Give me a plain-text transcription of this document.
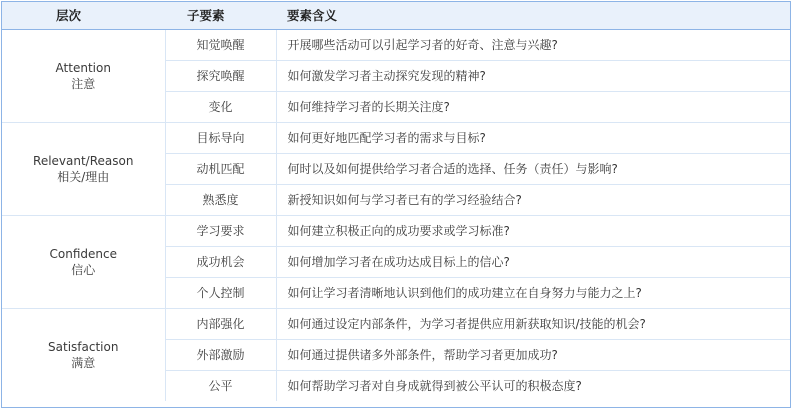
层次	子要素	要素含义

Attention
注意	知觉唤醒	开展哪些活动可以引起学习者的好奇、注意与兴趣?
	探究唤醒	如何激发学习者主动探究发现的精神?
	变化	如何维持学习者的长期关注度?

Relevant/Reason
相关/理由	目标导向	如何更好地匹配学习者的需求与目标?
	动机匹配	何时以及如何提供给学习者合适的选择、任务（责任）与影响?
	熟悉度	新授知识如何与学习者已有的学习经验结合?

Confidence
信心	学习要求	如何建立积极正向的成功要求或学习标准?
	成功机会	如何增加学习者在成功达成目标上的信心?
	个人控制	如何让学习者清晰地认识到他们的成功建立在自身努力与能力之上?

Satisfaction
满意	内部强化	如何通过设定内部条件，为学习者提供应用新获取知识/技能的机会?
	外部激励	如何通过提供诸多外部条件，帮助学习者更加成功?
	公平	如何帮助学习者对自身成就得到被公平认可的积极态度?
